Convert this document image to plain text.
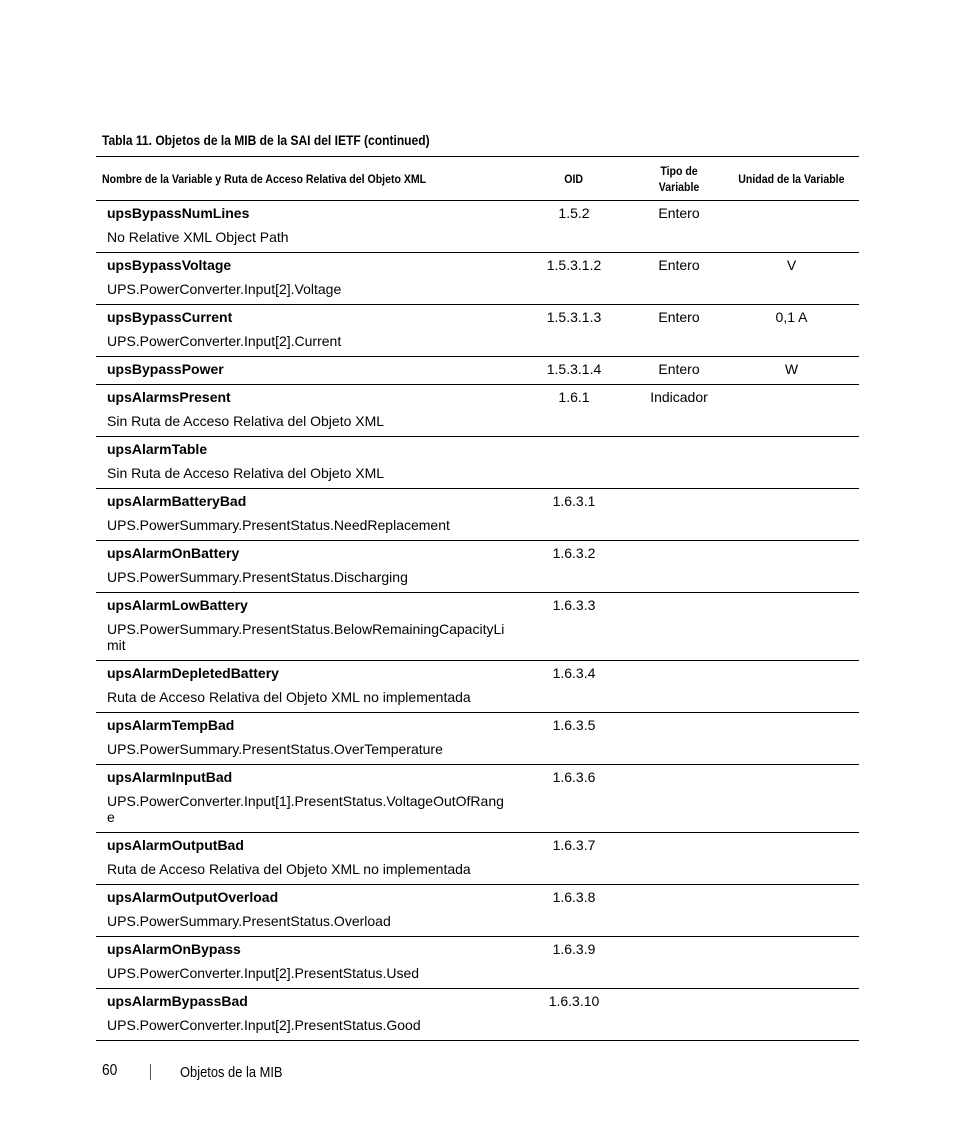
Tabla 11. Objetos de la MIB de la SAI del IETF (continued)
Nombre de la Variable y Ruta de Acceso Relativa del Objeto XML	OID	Tipo de Variable	Unidad de la Variable

upsBypassNumLines
No Relative XML Object Path	1.5.2	Entero	

upsBypassVoltage
UPS.PowerConverter.Input[2].Voltage	1.5.3.1.2	Entero	V

upsBypassCurrent
UPS.PowerConverter.Input[2].Current	1.5.3.1.3	Entero	0,1 A

upsBypassPower	1.5.3.1.4	Entero	W

upsAlarmsPresent
Sin Ruta de Acceso Relativa del Objeto XML	1.6.1	Indicador	

upsAlarmTable
Sin Ruta de Acceso Relativa del Objeto XML			

upsAlarmBatteryBad
UPS.PowerSummary.PresentStatus.NeedReplacement	1.6.3.1		

upsAlarmOnBattery
UPS.PowerSummary.PresentStatus.Discharging	1.6.3.2		

upsAlarmLowBattery
UPS.PowerSummary.PresentStatus.BelowRemainingCapacityLimit	1.6.3.3		

upsAlarmDepletedBattery
Ruta de Acceso Relativa del Objeto XML no implementada	1.6.3.4		

upsAlarmTempBad
UPS.PowerSummary.PresentStatus.OverTemperature	1.6.3.5		

upsAlarmInputBad
UPS.PowerConverter.Input[1].PresentStatus.VoltageOutOfRange	1.6.3.6		

upsAlarmOutputBad
Ruta de Acceso Relativa del Objeto XML no implementada	1.6.3.7		

upsAlarmOutputOverload
UPS.PowerSummary.PresentStatus.Overload	1.6.3.8		

upsAlarmOnBypass
UPS.PowerConverter.Input[2].PresentStatus.Used	1.6.3.9		

upsAlarmBypassBad
UPS.PowerConverter.Input[2].PresentStatus.Good	1.6.3.10		
60	Objetos de la MIB
